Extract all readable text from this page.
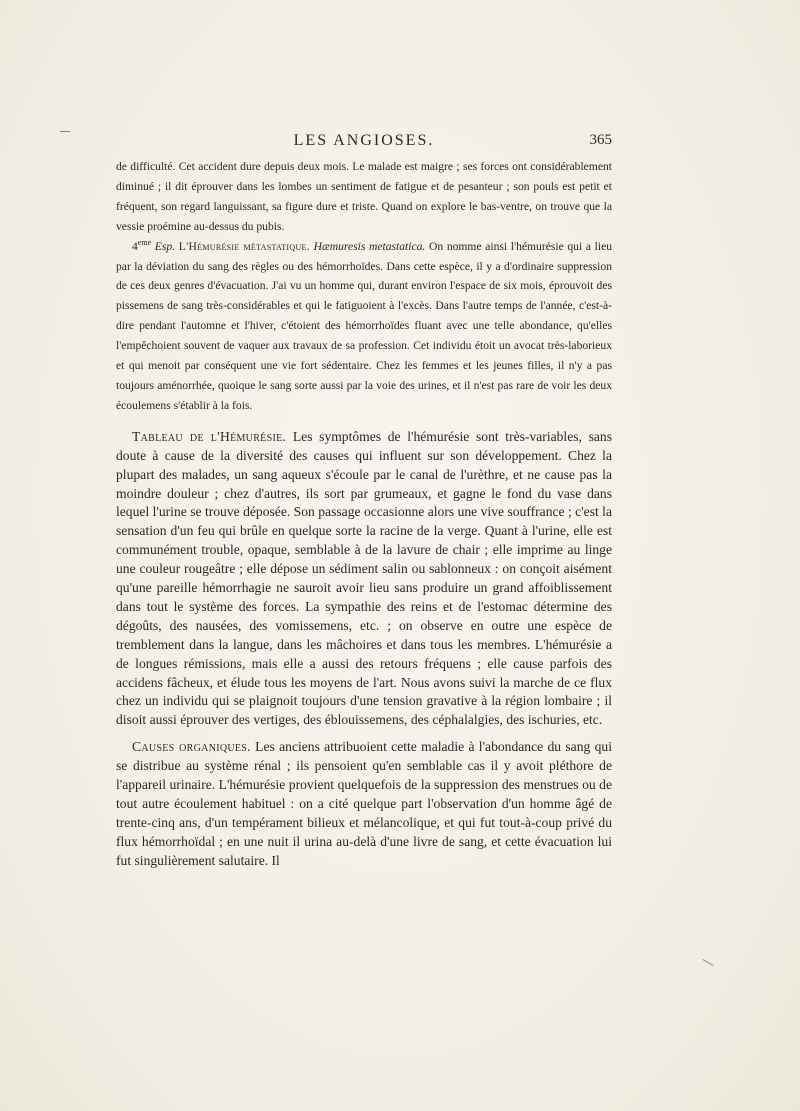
LES ANGIOSES.	365

de difficulté. Cet accident dure depuis deux mois. Le malade est maigre ; ses forces ont considérablement diminué ; il dit éprouver dans les lombes un sentiment de fatigue et de pesanteur ; son pouls est petit et fréquent, son regard languissant, sa figure dure et triste. Quand on explore le bas-ventre, on trouve que la vessie proémine au-dessus du pubis.

4eme Esp. L'Hémurésie métastatique. Hæmuresis metastatica. On nomme ainsi l'hémurésie qui a lieu par la déviation du sang des règles ou des hémorrhoïdes. Dans cette espèce, il y a d'ordinaire suppression de ces deux genres d'évacuation. J'ai vu un homme qui, durant environ l'espace de six mois, éprouvoit des pissemens de sang très-considérables et qui le fatiguoient à l'excès. Dans l'autre temps de l'année, c'est-à-dire pendant l'automne et l'hiver, c'étoient des hémorrhoïdes fluant avec une telle abondance, qu'elles l'empêchoient souvent de vaquer aux travaux de sa profession. Cet individu étoit un avocat très-laborieux et qui menoit par conséquent une vie fort sédentaire. Chez les femmes et les jeunes filles, il n'y a pas toujours aménorrhée, quoique le sang sorte aussi par la voie des urines, et il n'est pas rare de voir les deux écoulemens s'établir à la fois.

Tableau de l'Hémurésie. Les symptômes de l'hémurésie sont très-variables, sans doute à cause de la diversité des causes qui influent sur son développement. Chez la plupart des malades, un sang aqueux s'écoule par le canal de l'urèthre, et ne cause pas la moindre douleur ; chez d'autres, ils sort par grumeaux, et gagne le fond du vase dans lequel l'urine se trouve déposée. Son passage occasionne alors une vive souffrance ; c'est la sensation d'un feu qui brûle en quelque sorte la racine de la verge. Quant à l'urine, elle est communément trouble, opaque, semblable à de la lavure de chair ; elle imprime au linge une couleur rougeâtre ; elle dépose un sédiment salin ou sablonneux : on conçoit aisément qu'une pareille hémorrhagie ne sauroit avoir lieu sans produire un grand affoiblissement dans tout le système des forces. La sympathie des reins et de l'estomac détermine des dégoûts, des nausées, des vomissemens, etc. ; on observe en outre une espèce de tremblement dans la langue, dans les mâchoires et dans tous les membres. L'hémurésie a de longues rémissions, mais elle a aussi des retours fréquens ; elle cause parfois des accidens fâcheux, et élude tous les moyens de l'art. Nous avons suivi la marche de ce flux chez un individu qui se plaignoit toujours d'une tension gravative à la région lombaire ; il disoit aussi éprouver des vertiges, des éblouissemens, des céphalalgies, des ischuries, etc.

Causes organiques. Les anciens attribuoient cette maladie à l'abondance du sang qui se distribue au système rénal ; ils pensoient qu'en semblable cas il y avoit pléthore de l'appareil urinaire. L'hémurésie provient quelquefois de la suppression des menstrues ou de tout autre écoulement habituel : on a cité quelque part l'observation d'un homme âgé de trente-cinq ans, d'un tempérament bilieux et mélancolique, et qui fut tout-à-coup privé du flux hémorrhoïdal ; en une nuit il urina au-delà d'une livre de sang, et cette évacuation lui fut singulièrement salutaire. Il
